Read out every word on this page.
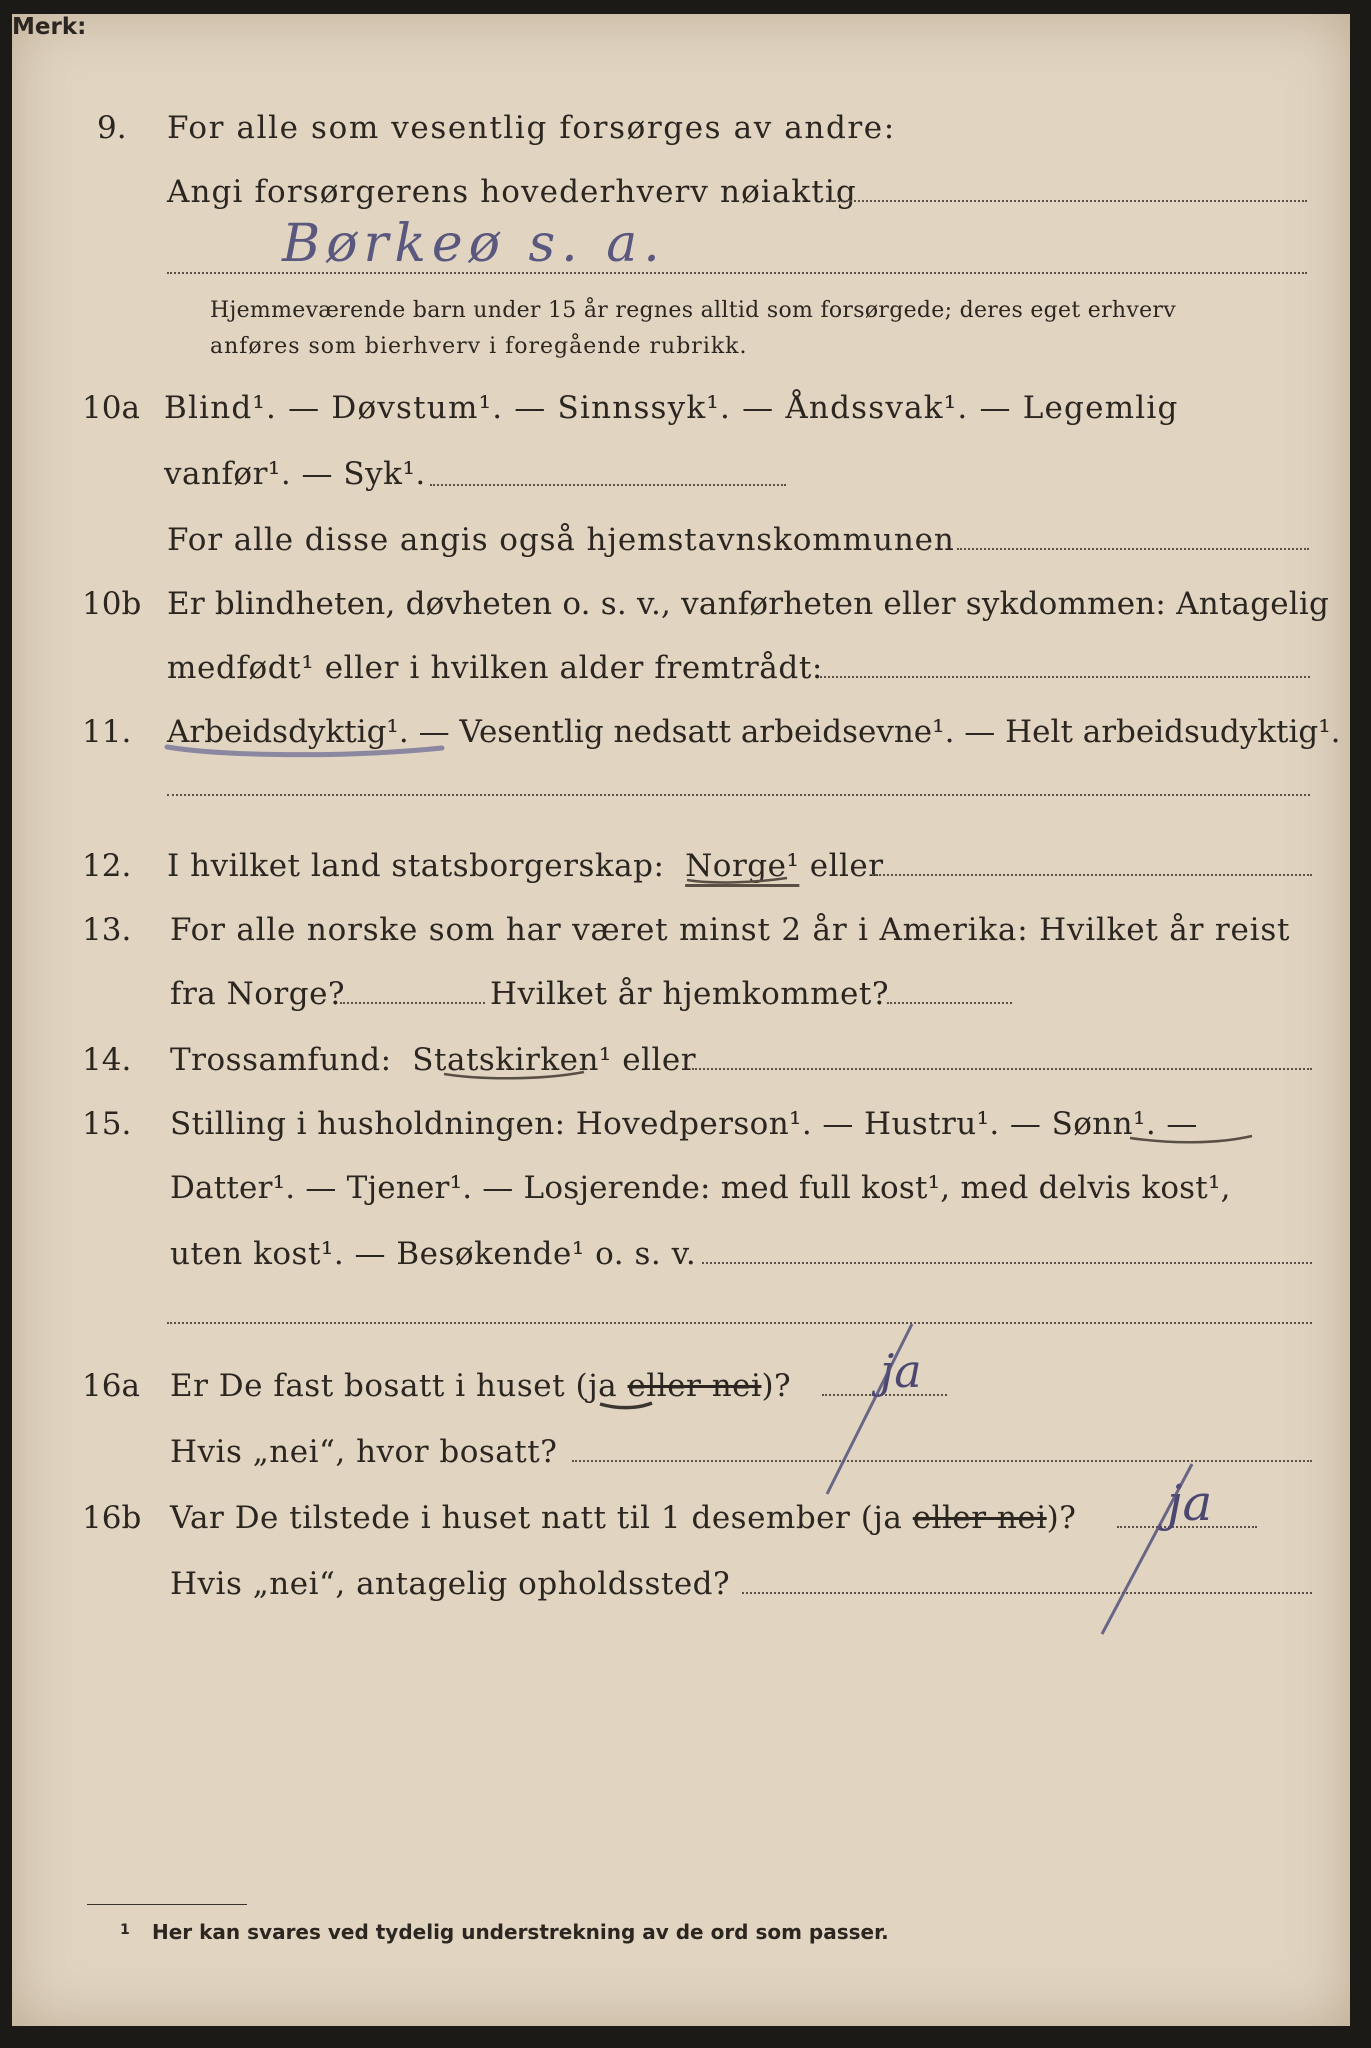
9. For alle som vesentlig forsørges av andre:
Angi forsørgerens hovederhverv nøiaktig
Børkeø s. a.
Merk:
Hjemmeværende barn under 15 år regnes alltid som forsørgede; deres eget erhverv
anføres som bierhverv i foregående rubrikk.
10a Blind¹. — Døvstum¹. — Sinnssyk¹. — Åndssvak¹. — Legemlig
vanfør¹. — Syk¹.
For alle disse angis også hjemstavnskommunen
10b Er blindheten, døvheten o. s. v., vanførheten eller sykdommen: Antagelig
medfødt¹ eller i hvilken alder fremtrådt:
11. Arbeidsdyktig¹. — Vesentlig nedsatt arbeidsevne¹. — Helt arbeidsudyktig¹.
12. I hvilket land statsborgerskap: Norge¹ eller
13. For alle norske som har været minst 2 år i Amerika: Hvilket år reist
fra Norge?	Hvilket år hjemkommet?
14. Trossamfund: Statskirken¹ eller
15. Stilling i husholdningen: Hovedperson¹. — Hustru¹. — Sønn¹. —
Datter¹. — Tjener¹. — Losjerende: med full kost¹, med delvis kost¹,
uten kost¹. — Besøkende¹ o. s. v.
16a Er De fast bosatt i huset (ja eller nei)? ja
Hvis „nei“, hvor bosatt?
16b Var De tilstede i huset natt til 1 desember (ja eller nei)? ja
Hvis „nei“, antagelig opholdssted?
1 Her kan svares ved tydelig understrekning av de ord som passer.
